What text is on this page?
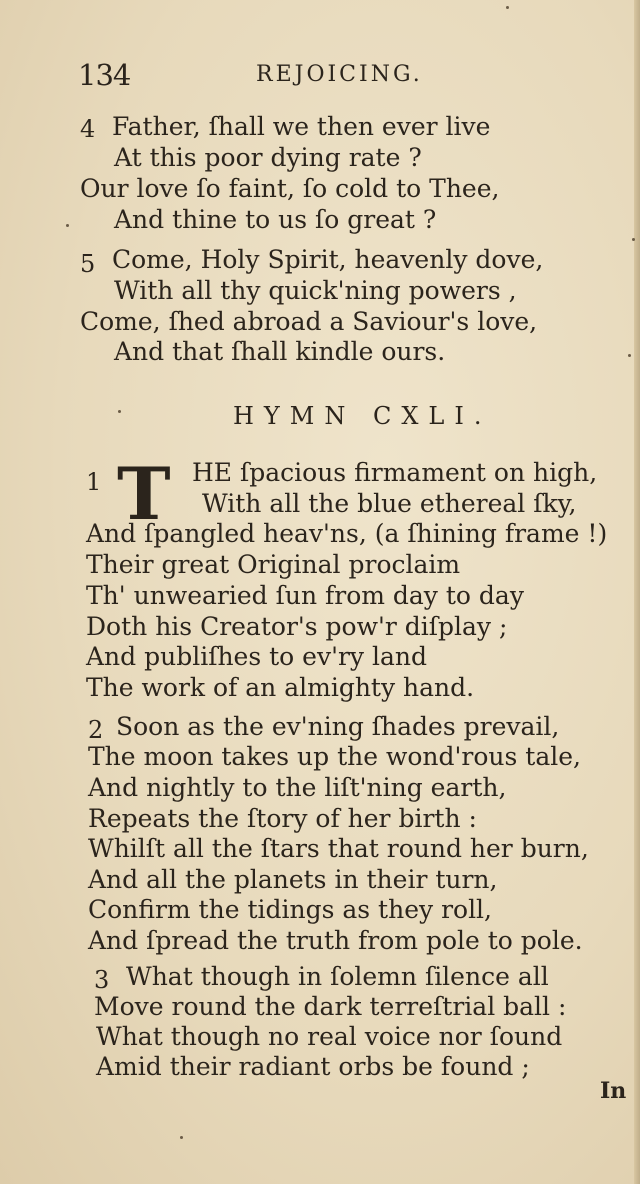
134	REJOICING.
4 Father, ſhall we then ever live
At this poor dying rate ?
Our love ſo faint, ſo cold to Thee,
And thine to us ſo great ?
5 Come, Holy Spirit, heavenly dove,
With all thy quick'ning powers ,
Come, ſhed abroad a Saviour's love,
And that ſhall kindle ours.
HYMN CXLI.
1 T HE ſpacious firmament on high,
With all the blue ethereal ſky,
And ſpangled heav'ns, (a ſhining frame !)
Their great Original proclaim
Th' unwearied ſun from day to day
Doth his Creator's pow'r diſplay ;
And publiſhes to ev'ry land
The work of an almighty hand.
2 Soon as the ev'ning ſhades prevail,
The moon takes up the wond'rous tale,
And nightly to the liſt'ning earth,
Repeats the ſtory of her birth :
Whilſt all the ſtars that round her burn,
And all the planets in their turn,
Confirm the tidings as they roll,
And ſpread the truth from pole to pole.
3 What though in ſolemn ſilence all
Move round the dark terreſtrial ball :
What though no real voice nor ſound
Amid their radiant orbs be found ;
In
